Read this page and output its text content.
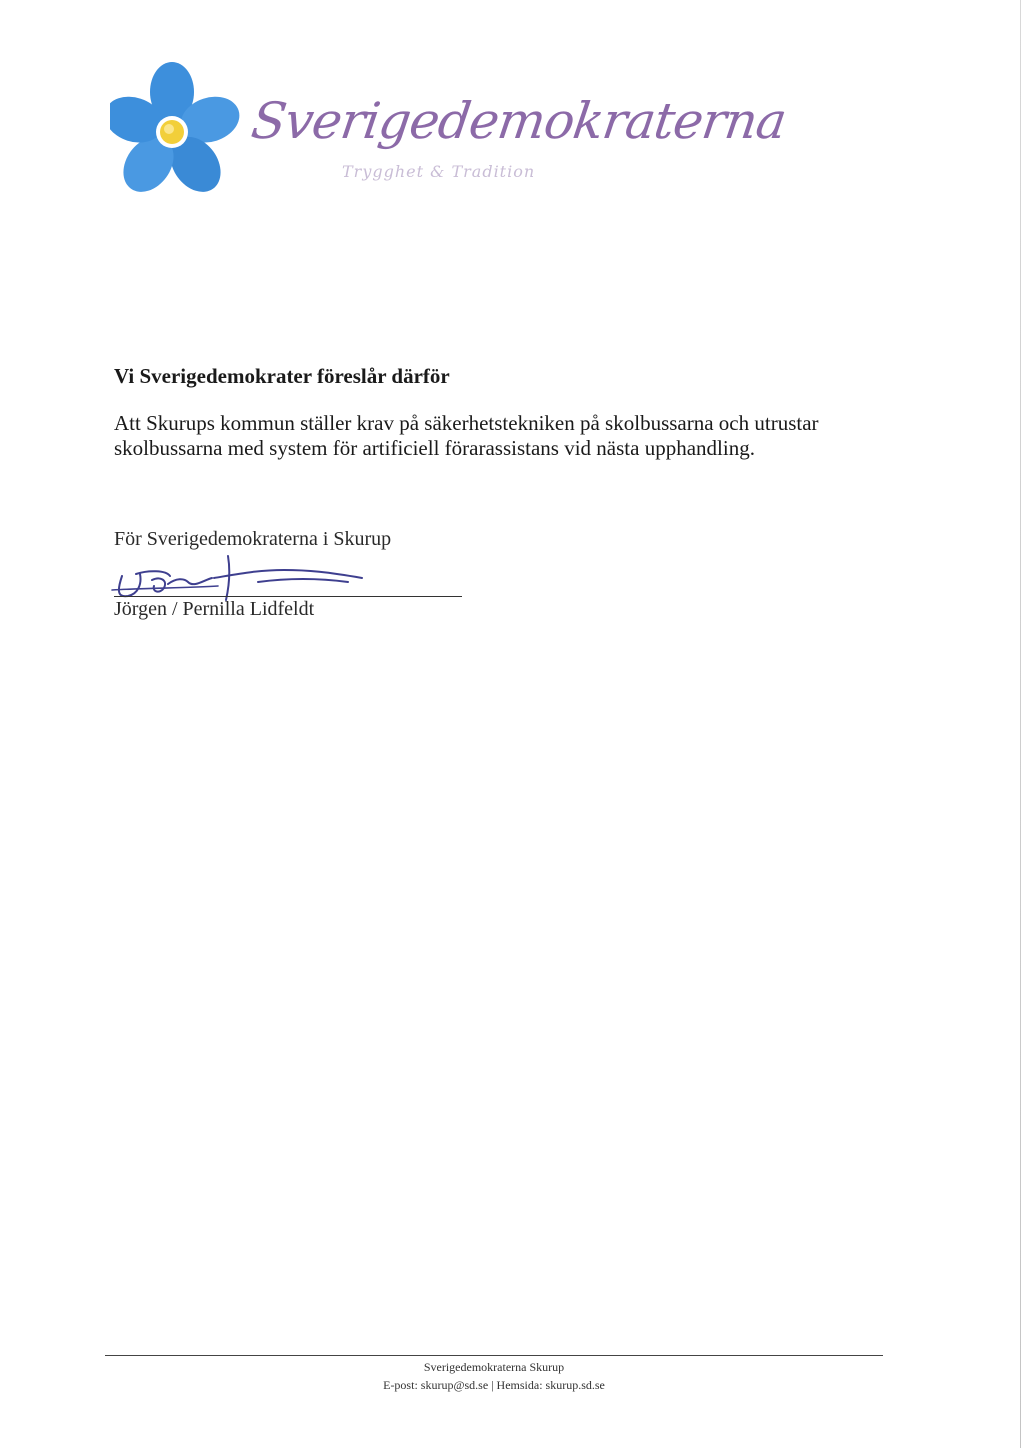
Sverigedemokraterna
Trygghet & Tradition
Vi Sverigedemokrater föreslår därför

Att Skurups kommun ställer krav på säkerhetstekniken på skolbussarna och utrustar skolbussarna med system för artificiell förarassistans vid nästa upphandling.

För Sverigedemokraterna i Skurup
Jörgen / Pernilla Lidfeldt
Sverigedemokraterna Skurup
E-post: skurup@sd.se | Hemsida: skurup.sd.se
